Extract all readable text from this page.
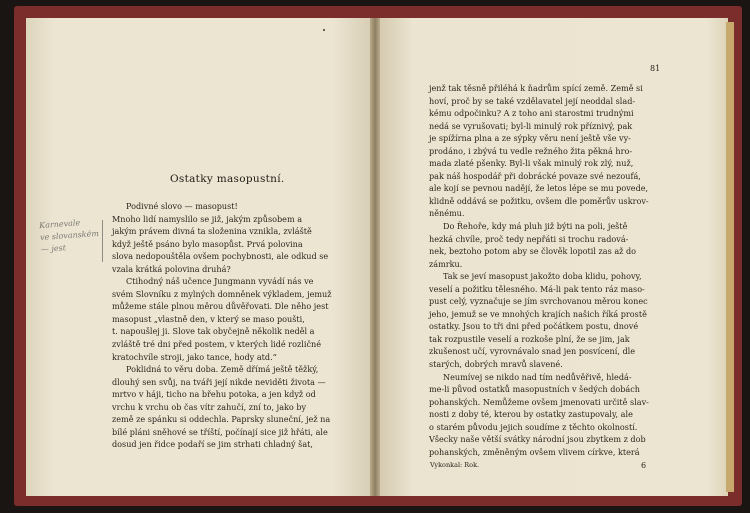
Ostatky masopustní.
Podivné slovo — masopust!
Mnoho lidí namyslilo se již, jakým způsobem a
jakým právem divná ta složenina vznikla, zvláště
když ještě psáno bylo masopůst. Prvá polovina
slova nedopouštěla ovšem pochybnosti, ale odkud se
vzala krátká polovina druhá?
Ctihodný náš učence Jungmann vyvádí nás ve
svém Slovníku z mylných domněnek výkladem, jemuž
můžeme stále plnou měrou důvěřovati. Dle něho jest
masopust „vlastně den, v který se maso poušti,
t. napoušlej ji. Slove tak obyčejně několik neděl a
zvláště tré dni před postem, v kterých lidé rozličné
kratochvíle stroji, jako tance, hody atd.“
Poklidná to věru doba. Země dřímá ještě těžký,
dlouhý sen svůj, na tváři její nikde neviděti života —
mrtvo v háji, ticho na břehu potoka, a jen když od
vrchu k vrchu ob čas vítr zahučí, zní to, jako by
země ze spánku si oddechla. Paprsky sluneční, jež na
bílé pláni sněhové se tříští, počínají sice již hřáti, ale
dosud jen řidce podaří se jim strhati chladný šat,
Karnevale
ve slovanském
— jest
81
jenž tak těsně přiléhá k ňadrům spící země. Země si
hoví, proč by se také vzdělavatel její neoddal slad-
kému odpočinku? A z toho ani starostmi trudnými
nedá se vyrušovati; byl-li minulý rok příznivý, pak
je spížírna plna a ze sýpky věru není ještě vše vy-
prodáno, i zbývá tu vedle režného žita pěkná hro-
mada zlaté pšenky. Byl-li však minulý rok zlý, nuž,
pak náš hospodář při dobrácké povaze své nezoufá,
ale kojí se pevnou nadějí, že letos lépe se mu povede,
klidně oddává se požitku, ovšem dle poměrův uskrov-
něnému.
Do Řehoře, kdy má pluh již býti na poli, ještě
hezká chvíle, proč tedy nepřáti si trochu radová-
nek, beztoho potom aby se člověk lopotil zas až do
zámrku.
Tak se jeví masopust jakožto doba klidu, pohovy,
veselí a požitku tělesného. Má-li pak tento ráz maso-
pust celý, vyznačuje se jím svrchovanou měrou konec
jeho, jemuž se ve mnohých krajích našich říká prostě
ostatky. Jsou to tři dni před počátkem postu, dnové
tak rozpustile veselí a rozkoše plní, že se jim, jak
zkušenost učí, vyrovnávalo snad jen posvícení, dle
starých, dobrých mravů slavené.
Neumívej se nikdo nad tím nedůvěřivě, hledá-
me-li původ ostatků masopustních v šedých dobách
pohanských. Nemůžeme ovšem jmenovati určitě slav-
nosti z doby té, kterou by ostatky zastupovaly, ale
o starém původu jejich soudíme z těchto okolností.
Všecky naše větší svátky národní jsou zbytkem z dob
pohanských, změněným ovšem vlivem církve, která
Vykonkal: Rok.	6
